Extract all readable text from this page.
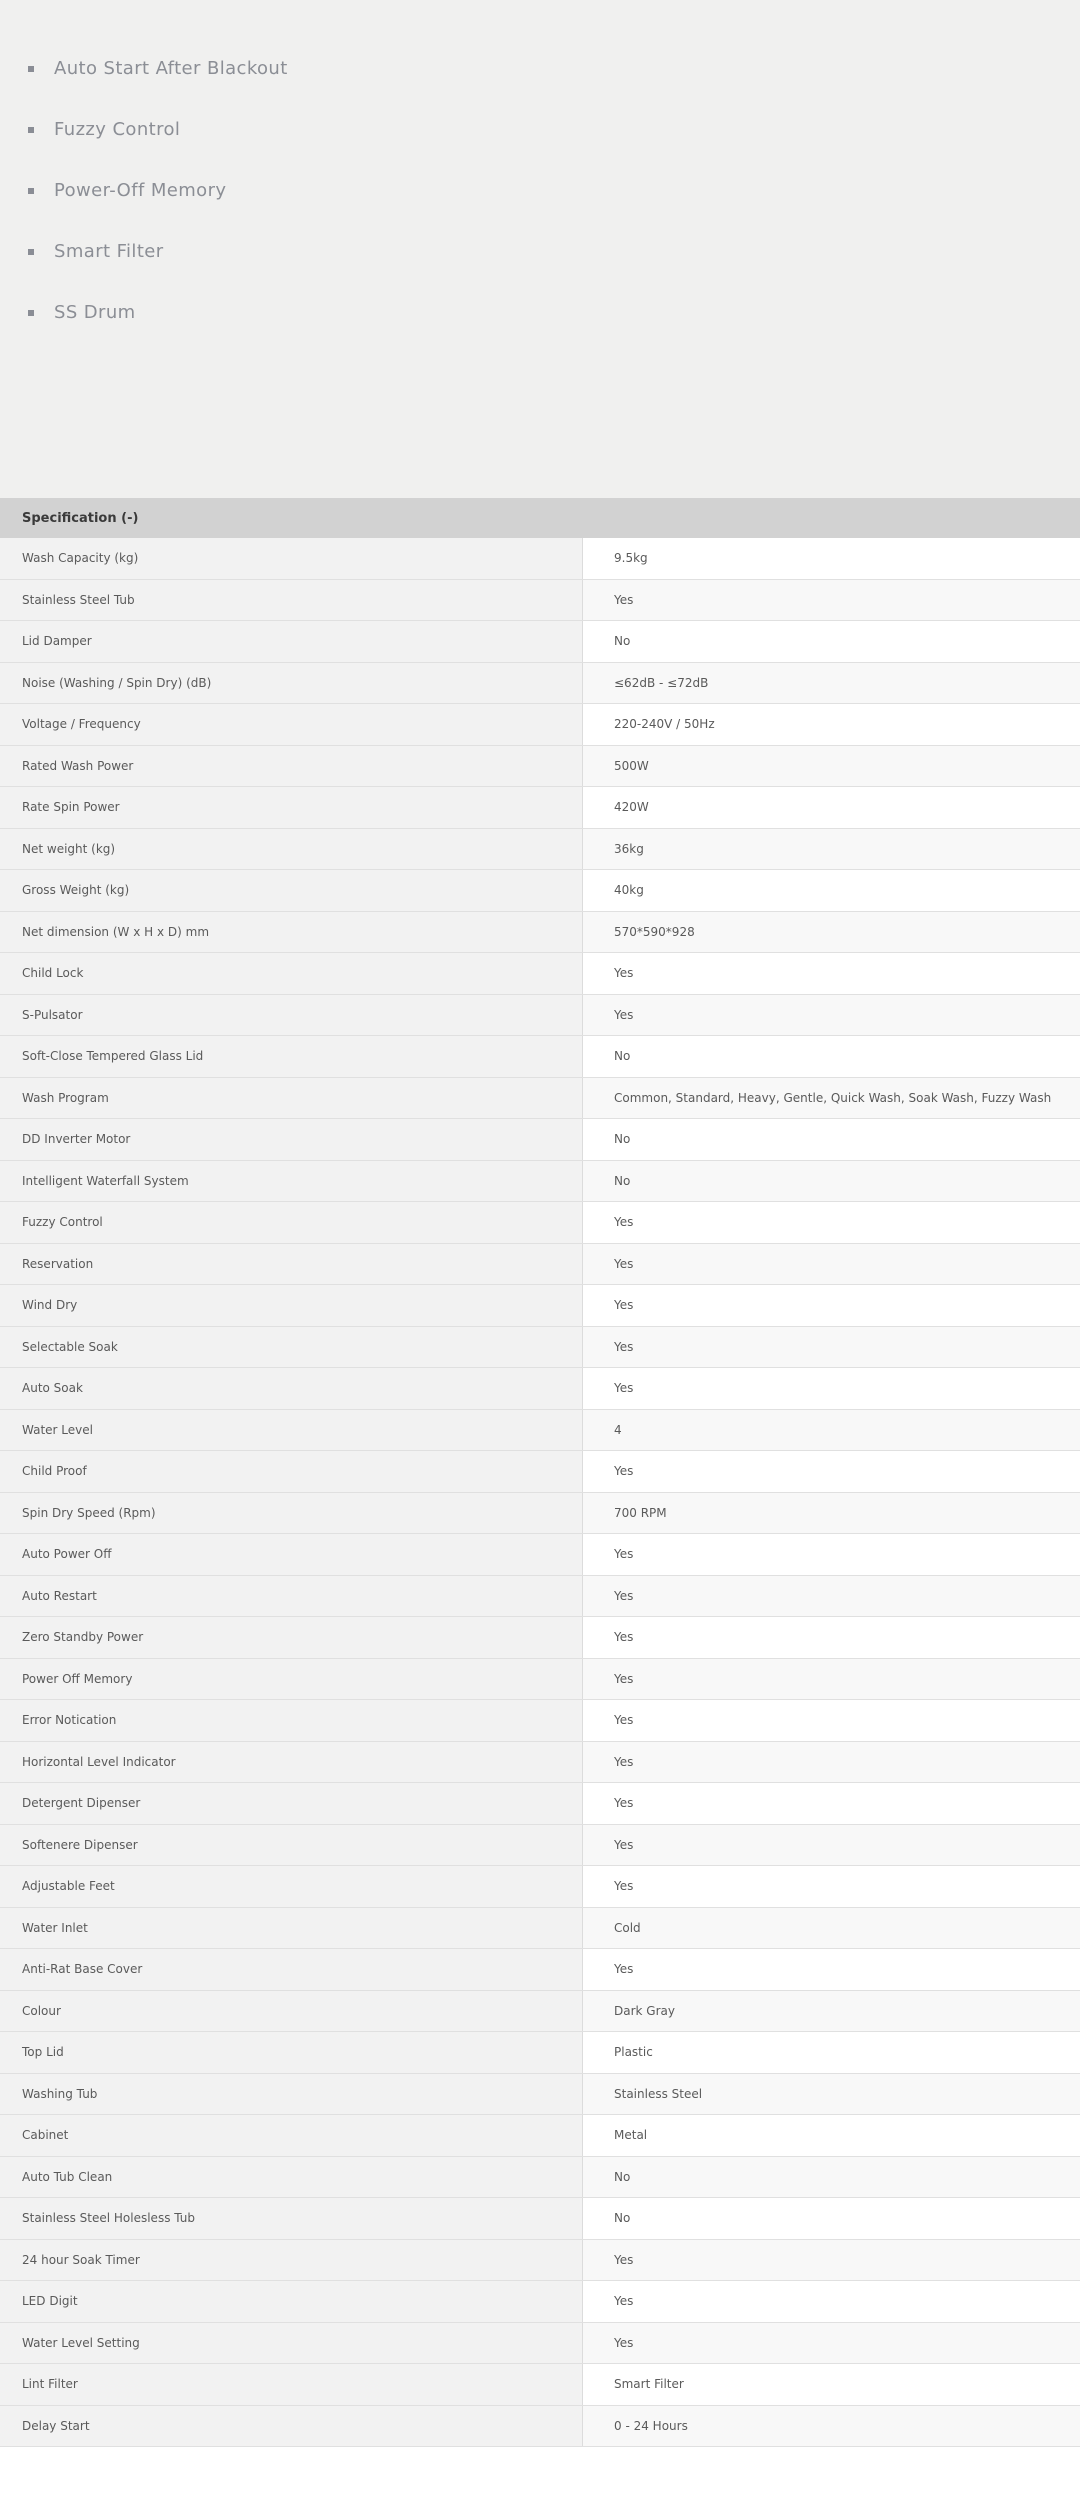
Auto Start After Blackout
Fuzzy Control
Power-Off Memory
Smart Filter
SS Drum
Specification (-)
Wash Capacity (kg)	9.5kg
Stainless Steel Tub	Yes
Lid Damper	No
Noise (Washing / Spin Dry) (dB)	≤62dB - ≤72dB
Voltage / Frequency	220-240V / 50Hz
Rated Wash Power	500W
Rate Spin Power	420W
Net weight (kg)	36kg
Gross Weight (kg)	40kg
Net dimension (W x H x D) mm	570*590*928
Child Lock	Yes
S-Pulsator	Yes
Soft-Close Tempered Glass Lid	No
Wash Program	Common, Standard, Heavy, Gentle, Quick Wash, Soak Wash, Fuzzy Wash
DD Inverter Motor	No
Intelligent Waterfall System	No
Fuzzy Control	Yes
Reservation	Yes
Wind Dry	Yes
Selectable Soak	Yes
Auto Soak	Yes
Water Level	4
Child Proof	Yes
Spin Dry Speed (Rpm)	700 RPM
Auto Power Off	Yes
Auto Restart	Yes
Zero Standby Power	Yes
Power Off Memory	Yes
Error Notication	Yes
Horizontal Level Indicator	Yes
Detergent Dipenser	Yes
Softenere Dipenser	Yes
Adjustable Feet	Yes
Water Inlet	Cold
Anti-Rat Base Cover	Yes
Colour	Dark Gray
Top Lid	Plastic
Washing Tub	Stainless Steel
Cabinet	Metal
Auto Tub Clean	No
Stainless Steel Holesless Tub	No
24 hour Soak Timer	Yes
LED Digit	Yes
Water Level Setting	Yes
Lint Filter	Smart Filter
Delay Start	0 - 24 Hours
